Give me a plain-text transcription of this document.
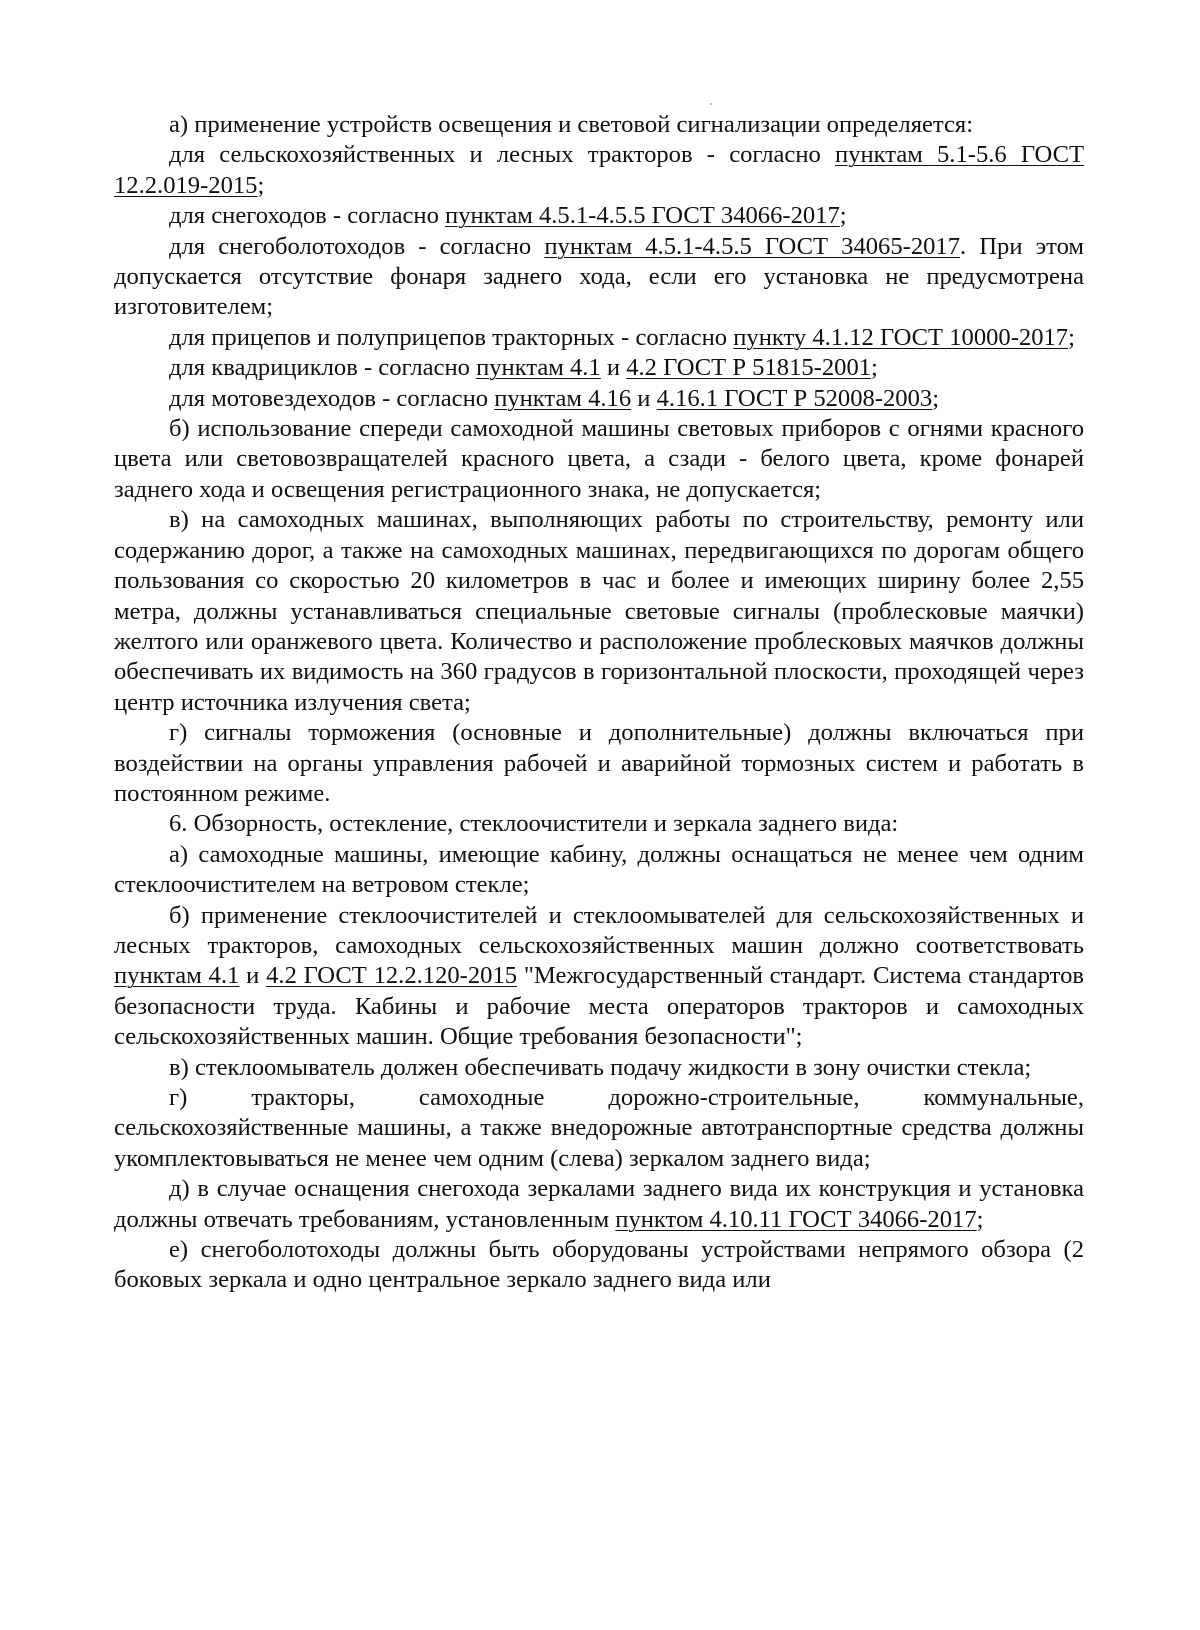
а) применение устройств освещения и световой сигнализации определяется:

для сельскохозяйственных и лесных тракторов - согласно пунктам 5.1-5.6 ГОСТ 12.2.019-2015;

для снегоходов - согласно пунктам 4.5.1-4.5.5 ГОСТ 34066-2017;

для снегоболотоходов - согласно пунктам 4.5.1-4.5.5 ГОСТ 34065-2017. При этом допускается отсутствие фонаря заднего хода, если его установка не предусмотрена изготовителем;

для прицепов и полуприцепов тракторных - согласно пункту 4.1.12 ГОСТ 10000-2017;

для квадрициклов - согласно пунктам 4.1 и 4.2 ГОСТ Р 51815-2001;

для мотовездеходов - согласно пунктам 4.16 и 4.16.1 ГОСТ Р 52008-2003;

б) использование спереди самоходной машины световых приборов с огнями красного цвета или световозвращателей красного цвета, а сзади - белого цвета, кроме фонарей заднего хода и освещения регистрационного знака, не допускается;

в) на самоходных машинах, выполняющих работы по строительству, ремонту или содержанию дорог, а также на самоходных машинах, передвигающихся по дорогам общего пользования со скоростью 20 километров в час и более и имеющих ширину более 2,55 метра, должны устанавливаться специальные световые сигналы (проблесковые маячки) желтого или оранжевого цвета. Количество и расположение проблесковых маячков должны обеспечивать их видимость на 360 градусов в горизонтальной плоскости, проходящей через центр источника излучения света;

г) сигналы торможения (основные и дополнительные) должны включаться при воздействии на органы управления рабочей и аварийной тормозных систем и работать в постоянном режиме.

6. Обзорность, остекление, стеклоочистители и зеркала заднего вида:

а) самоходные машины, имеющие кабину, должны оснащаться не менее чем одним стеклоочистителем на ветровом стекле;

б) применение стеклоочистителей и стеклоомывателей для сельскохозяйственных и лесных тракторов, самоходных сельскохозяйственных машин должно соответствовать пунктам 4.1 и 4.2 ГОСТ 12.2.120-2015 "Межгосударственный стандарт. Система стандартов безопасности труда. Кабины и рабочие места операторов тракторов и самоходных сельскохозяйственных машин. Общие требования безопасности";

в) стеклоомыватель должен обеспечивать подачу жидкости в зону очистки стекла;

г) тракторы, самоходные дорожно-строительные, коммунальные, сельскохозяйственные машины, а также внедорожные автотранспортные средства должны укомплектовываться не менее чем одним (слева) зеркалом заднего вида;

д) в случае оснащения снегохода зеркалами заднего вида их конструкция и установка должны отвечать требованиям, установленным пунктом 4.10.11 ГОСТ 34066-2017;

е) снегоболотоходы должны быть оборудованы устройствами непрямого обзора (2 боковых зеркала и одно центральное зеркало заднего вида или
